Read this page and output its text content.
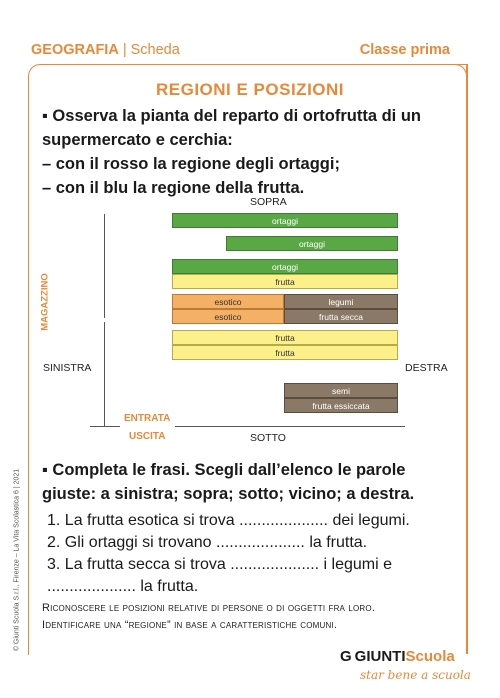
GEOGRAFIA | Scheda	Classe prima
REGIONI E POSIZIONI
▪ Osserva la pianta del reparto di ortofrutta di un
supermercato e cerchia:
– con il rosso la regione degli ortaggi;
– con il blu la regione della frutta.
SOPRA
SOTTO
SINISTRA	DESTRA
MAGAZZINO
ENTRATA
USCITA
ortaggi
ortaggi
ortaggi
frutta
esotico	legumi
esotico	frutta secca
frutta
frutta
semi
frutta essiccata
▪ Completa le frasi. Scegli dall’elenco le parole
giuste: a sinistra; sopra; sotto; vicino; a destra.
1. La frutta esotica si trova .................... dei legumi.
2. Gli ortaggi si trovano .................... la frutta.
3. La frutta secca si trova .................... i legumi e
.................... la frutta.
Riconoscere le posizioni relative di persone o di oggetti fra loro.
Identificare una “regione” in base a caratteristiche comuni.
© Giunti Scuola S.r.l., Firenze – La Vita Scolastica 6 | 2021
G GIUNTIScuola
star bene a scuola
